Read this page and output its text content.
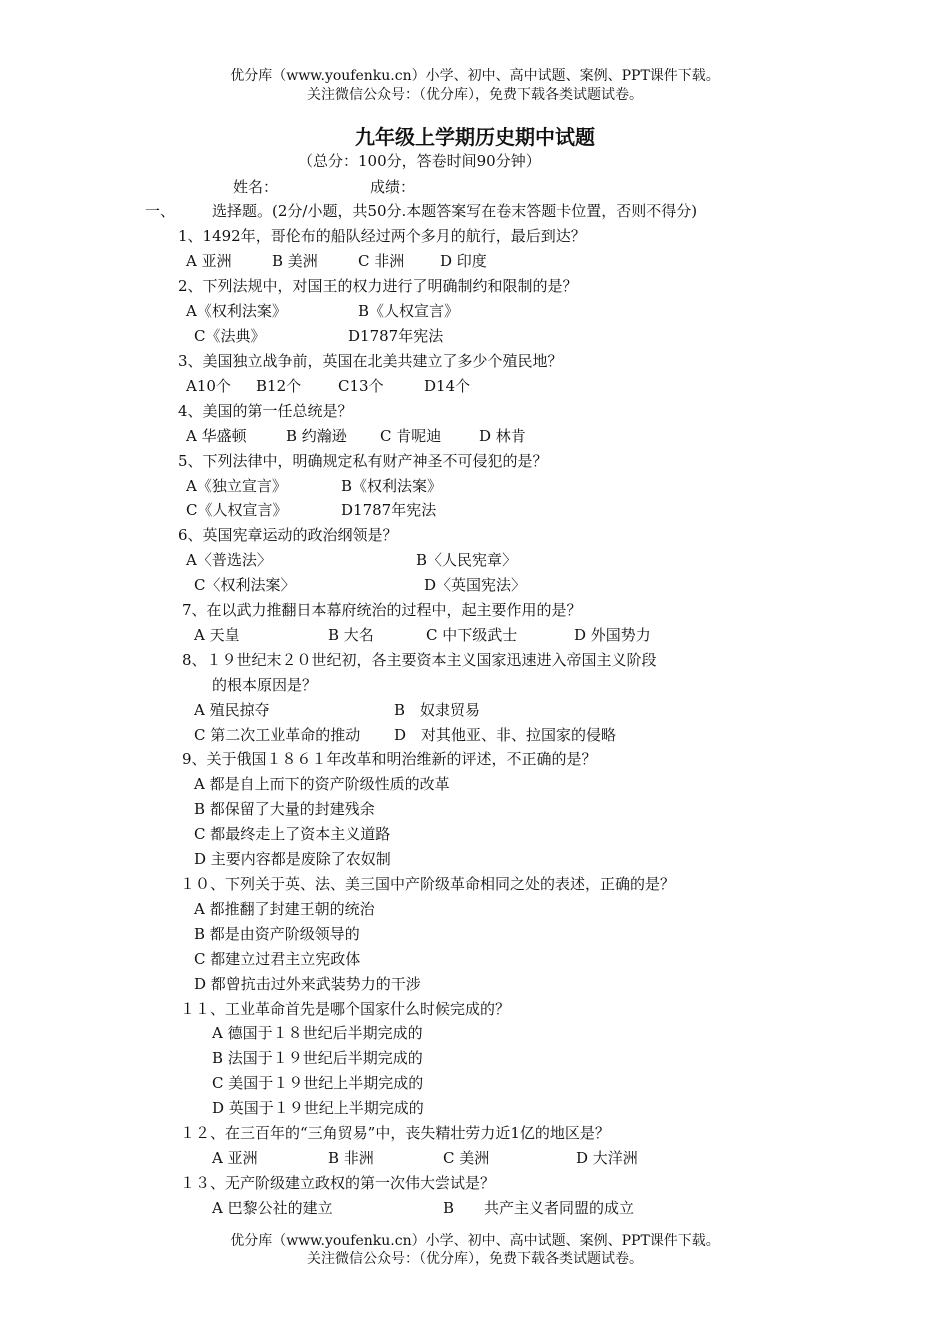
优分库（www.youfenku.cn）小学、初中、高中试题、案例、PPT课件下载。
关注微信公众号：（优分库），免费下载各类试题试卷。
九年级上学期历史期中试题
（总分：100分，答卷时间90分钟）
姓名：	成绩：
一、 选择题。(2分/小题，共50分.本题答案写在卷末答题卡位置，否则不得分)
1、1492年，哥伦布的船队经过两个多月的航行，最后到达？
A 亚洲	B 美洲	C 非洲 D 印度
2、下列法规中，对国王的权力进行了明确制约和限制的是？
A《权利法案》	B《人权宣言》
C《法典》	D1787年宪法
3、美国独立战争前，英国在北美共建立了多少个殖民地？
A10个 B12个 C13个	D14个
4、美国的第一任总统是？
A 华盛顿	B 约瀚逊 C 肯呢迪	D 林肯
5、下列法律中，明确规定私有财产神圣不可侵犯的是？
A《独立宣言》	B《权利法案》
C《人权宣言》	D1787年宪法
6、英国宪章运动的政治纲领是？
A〈普选法〉	B〈人民宪章〉
C〈权利法案〉	D〈英国宪法〉
7、在以武力推翻日本幕府统治的过程中，起主要作用的是？
A 天皇	B 大名	C 中下级武士	D 外国势力
8、１９世纪末２０世纪初，各主要资本主义国家迅速进入帝国主义阶段
的根本原因是？
A 殖民掠夺	B　奴隶贸易
C 第二次工业革命的推动 D　对其他亚、非、拉国家的侵略
9、关于俄国１８６１年改革和明治维新的评述，不正确的是？
A 都是自上而下的资产阶级性质的改革
B 都保留了大量的封建残余
C 都最终走上了资本主义道路
D 主要内容都是废除了农奴制
１０、下列关于英、法、美三国中产阶级革命相同之处的表述，正确的是？
A 都推翻了封建王朝的统治
B 都是由资产阶级领导的
C 都建立过君主立宪政体
D 都曾抗击过外来武装势力的干涉
１１、工业革命首先是哪个国家什么时候完成的？
A 德国于１８世纪后半期完成的
B 法国于１９世纪后半期完成的
C 美国于１９世纪上半期完成的
D 英国于１９世纪上半期完成的
１２、在三百年的“三角贸易”中，丧失精壮劳力近1亿的地区是？
A 亚洲	B 非洲	C 美洲	D 大洋洲
１３、无产阶级建立政权的第一次伟大尝试是？
A 巴黎公社的建立	B　　共产主义者同盟的成立
优分库（www.youfenku.cn）小学、初中、高中试题、案例、PPT课件下载。
关注微信公众号：（优分库），免费下载各类试题试卷。
